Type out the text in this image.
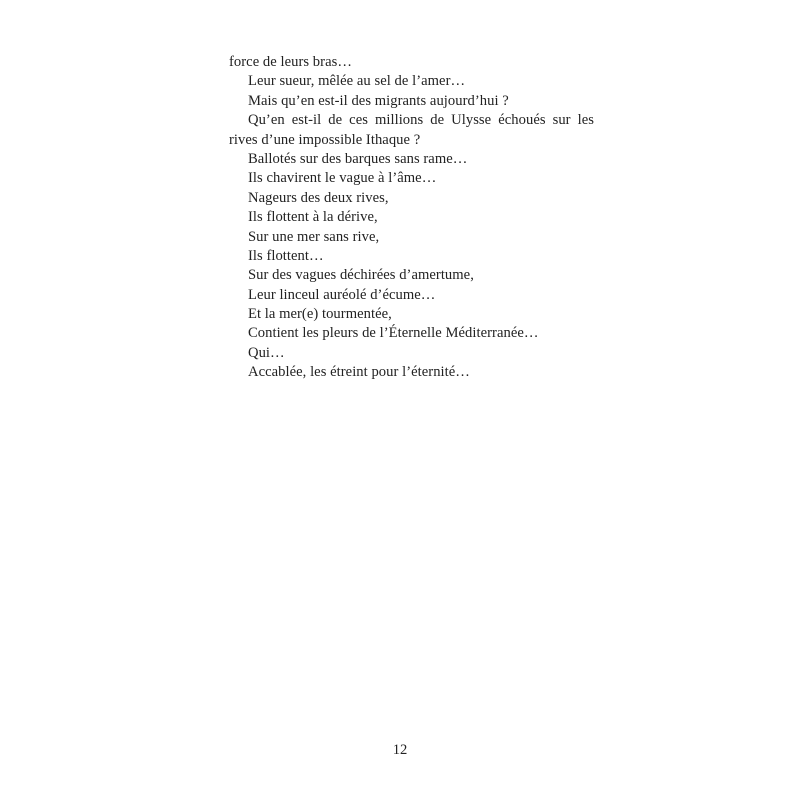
force de leurs bras…
Leur sueur, mêlée au sel de l’amer…
Mais qu’en est-il des migrants aujourd’hui ?
Qu’en est-il de ces millions de Ulysse échoués sur les
rives d’une impossible Ithaque ?
Ballotés sur des barques sans rame…
Ils chavirent le vague à l’âme…
Nageurs des deux rives,
Ils flottent à la dérive,
Sur une mer sans rive,
Ils flottent…
Sur des vagues déchirées d’amertume,
Leur linceul auréolé d’écume…
Et la mer(e) tourmentée,
Contient les pleurs de l’Éternelle Méditerranée…
Qui…
Accablée, les étreint pour l’éternité…
12
